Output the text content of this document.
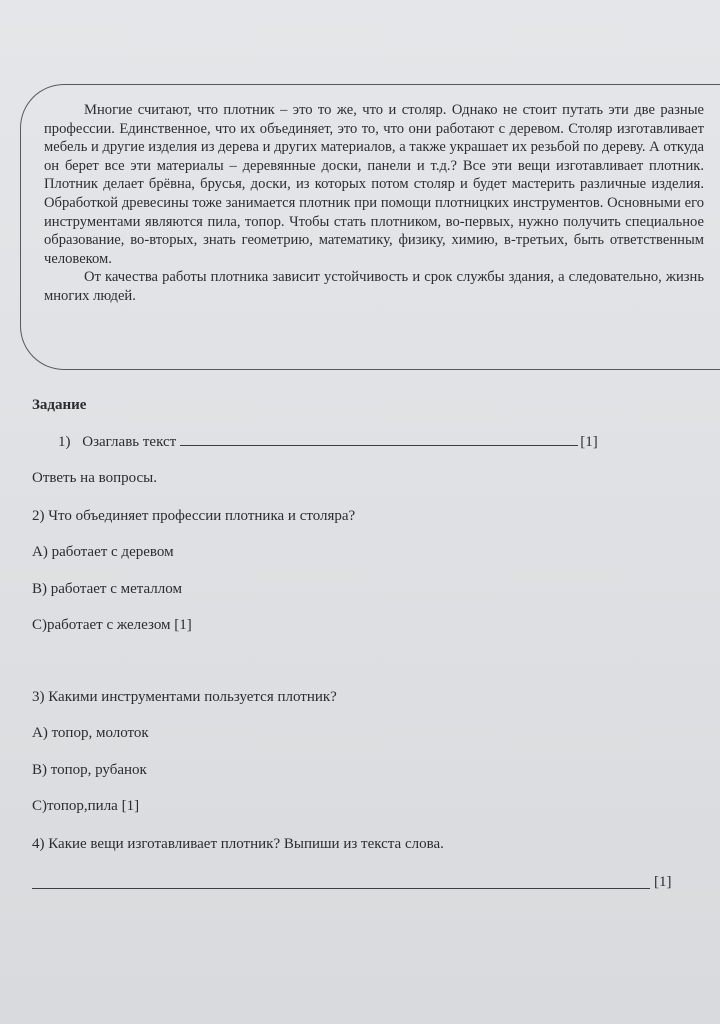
Многие считают, что плотник – это то же, что и столяр. Однако не стоит путать эти две разные профессии. Единственное, что их объединяет, это то, что они работают с деревом. Столяр изготавливает мебель и другие изделия из дерева и других материалов, а также украшает их резьбой по дереву. А откуда он берет все эти материалы – деревянные доски, панели и т.д.? Все эти вещи изготавливает плотник. Плотник делает брёвна, брусья, доски, из которых потом столяр и будет мастерить различные изделия. Обработкой древесины тоже занимается плотник при помощи плотницких инструментов. Основными его инструментами являются пила, топор. Чтобы стать плотником, во-первых, нужно получить специальное образование, во-вторых, знать геометрию, математику, физику, химию, в-третьих, быть ответственным человеком.

От качества работы плотника зависит устойчивость и срок службы здания, а следовательно, жизнь многих людей.

Задание
1) Озаглавь текст	[1]
Ответь на вопросы.
2) Что объединяет профессии плотника и столяра?
А) работает с деревом
В) работает с металлом
С)работает с железом [1]
3) Какими инструментами пользуется плотник?
А) топор, молоток
В) топор, рубанок
С)топор,пила [1]
4) Какие вещи изготавливает плотник? Выпиши из текста слова.
[1]
